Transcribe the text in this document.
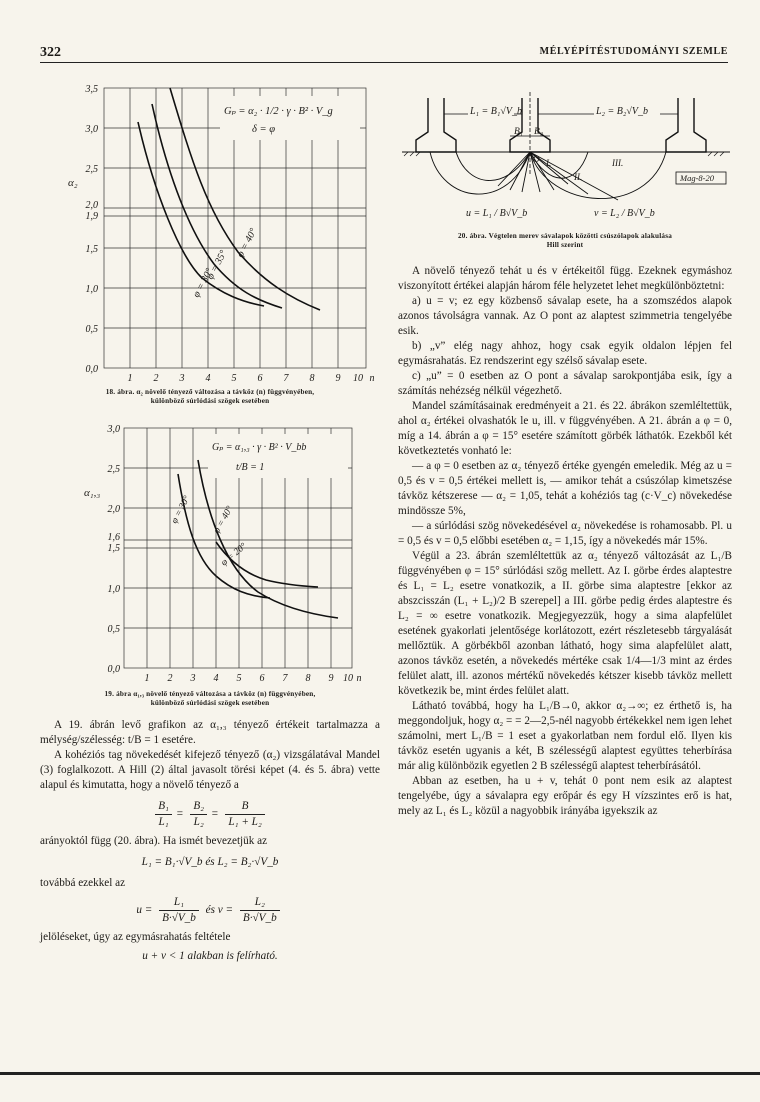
322	MÉLYÉPÍTÉSTUDOMÁNYI SZEMLE
3,5
3,0
2,5
2,0
1,9
1,5
1,0
0,5
0,0
α₂
1 2 3 4 5 6 7 8 9 10 n
Gₚ = α₂ · 1/2 · γ · B² · V_g
δ = φ
φ = 40°
φ = 35°
φ = 30°
18. ábra. α₂ növelő tényező változása a távköz (n) függvényében,
különböző súrlódási szögek esetében
3,0
2,5
2,0
1,6
1,5
1,0
0,5
0,0
α₁,₃
1 2 3 4 5 6 7 8 9 10 n
Gₚ = α₁,₃ · γ · B² · V_bb
t/B = 1
φ = 30° φ = 40°
φ = 20°
19. ábra α₁,₃ növelő tényező változása a távköz (n) függvényében,
különböző súrlódási szögek esetében

A 19. ábrán levő grafikon az α₁,₃ tényező értékeit tartalmazza a mélység/szélesség: t/B = 1 esetére.

A kohéziós tag növekedését kifejező tényező (α₂) vizsgálatával Mandel (3) foglalkozott. A Hill (2) által javasolt törési képet (4. és 5. ábra) vette alapul és kimutatta, hogy a növelő tényező a

$\frac{\text{B₁}}{\text{L₁}} = \frac{\text{B₂}}{\text{L₂}} = \frac{B}{\text{L₁ + L₂}}$

arányoktól függ (20. ábra). Ha ismét bevezetjük az

L₁ = B₁·√V_b és L₂ = B₂·√V_b

továbbá ezekkel az

$u = \frac{\text{L₁}}{B\cdot√V\_b}$ és $v = \frac{\text{L₂}}{B\cdot√V\_b}$

jelöléseket, úgy az egymásrahatás feltétele

u + v < 1 alakban is felírható.

L₁ = B₁√V_b	L₂ = B₂√V_b
B₁ B₂
O I.
II.
III.
Mag-8-20
u = L₁ / B√V_b	v = L₂ / B√V_b
20. ábra. Végtelen merev sávalapok közötti csúszólapok alakulása
Hill szerint

A növelő tényező tehát u és v értékeitől függ. Ezeknek egymáshoz viszonyított értékei alapján három féle helyzetet lehet megkülönböztetni:

a) u = v; ez egy közbenső sávalap esete, ha a szomszédos alapok azonos távolságra vannak. Az O pont az alaptest szimmetria tengelyébe esik.

b) „v” elég nagy ahhoz, hogy csak egyik oldalon lépjen fel egymásrahatás. Ez rendszerint egy szélső sávalap esete.

c) „u” = 0 esetben az O pont a sávalap sarokpontjába esik, így a számítás nehézség nélkül végezhető.

Mandel számításainak eredményeit a 21. és 22. ábrákon szemléltettük, ahol α₂ értékei olvashatók le u, ill. v függvényében. A 21. ábrán a φ = 0, míg a 14. ábrán a φ = 15° esetére számított görbék láthatók. Ezekből két következtetés vonható le:

— a φ = 0 esetben az α₂ tényező értéke gyengén emeledik. Még az u = 0,5 és v = 0,5 értékei mellett is, — amikor tehát a csúszólap kimetszése távköz kétszerese — α₂ = 1,05, tehát a kohéziós tag (c·V_c) növekedése mindössze 5%,

— a súrlódási szög növekedésével α₂ növekedése is rohamosabb. Pl. u = 0,5 és v = 0,5 előbbi esetében α₂ = 1,15, így a növekedés már 15%.

Végül a 23. ábrán szemléltettük az α₂ tényező változását az L₁/B függvényében φ = 15° súrlódási szög mellett. Az I. görbe érdes alaptestre és L₁ = L₂ esetre vonatkozik, a II. görbe sima alaptestre [ekkor az abszcisszán (L₁ + L₂)/2 B szerepel] a III. görbe pedig érdes alaptestre és L₂ = ∞ esetre vonatkozik. Megjegyezzük, hogy a sima alapfelület esetének gyakorlati jelentősége korlátozott, ezért részletesebb tárgyalását mellőztük. A görbékből azonban látható, hogy sima alapfelület alatt, azonos távköz esetén, a növekedés mértéke csak 1/4—1/3 mint az érdes felület alatt, ill. azonos mértékű növekedés kétszer kisebb távköz mellett következik be, mint érdes felület alatt.

Látható továbbá, hogy ha L₁/B→0, akkor α₂→∞; ez érthető is, ha meggondoljuk, hogy α₂ = = 2—2,5-nél nagyobb értékekkel nem igen lehet számolni, mert L₁/B = 1 eset a gyakorlatban nem fordul elő. Ilyen kis távköz esetén ugyanis a két, B szélességű alaptest együttes teherbírása már alig különbözik egyetlen 2 B szélességű alaptest teherbírásától.

Abban az esetben, ha u + v, tehát 0 pont nem esik az alaptest tengelyébe, úgy a sávalapra egy erőpár és egy H vízszintes erő is hat, mely az L₁ és L₂ közül a nagyobbik irányába igyekszik az
